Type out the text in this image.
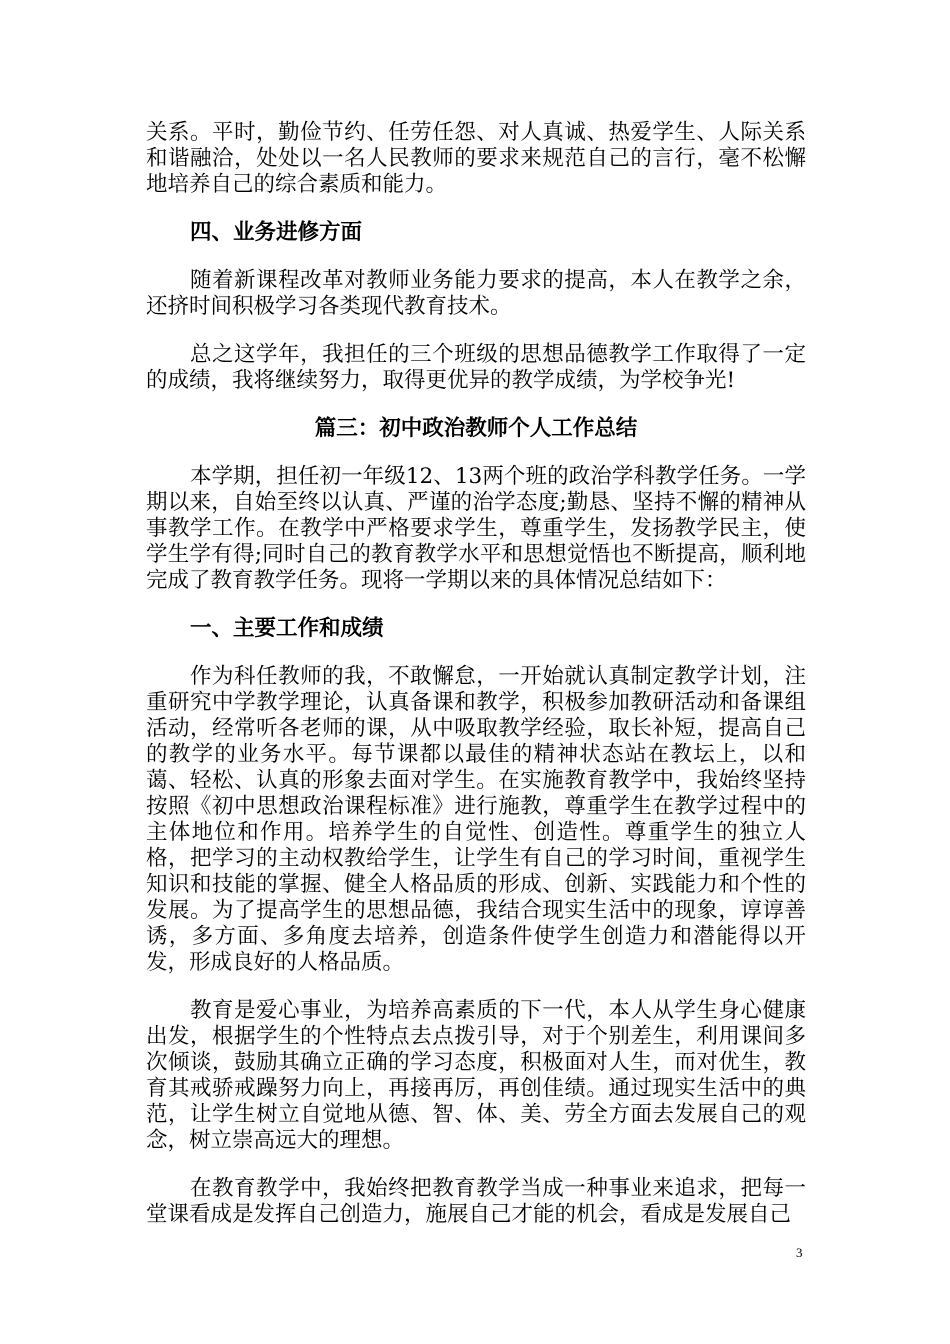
关系。平时，勤俭节约、任劳任怨、对人真诚、热爱学生、人际关系和谐融洽，处处以一名人民教师的要求来规范自己的言行，毫不松懈地培养自己的综合素质和能力。

四、业务进修方面

随着新课程改革对教师业务能力要求的提高，本人在教学之余，还挤时间积极学习各类现代教育技术。

总之这学年，我担任的三个班级的思想品德教学工作取得了一定的成绩，我将继续努力，取得更优异的教学成绩，为学校争光!

篇三：初中政治教师个人工作总结

本学期，担任初一年级12、13两个班的政治学科教学任务。一学期以来，自始至终以认真、严谨的治学态度;勤恳、坚持不懈的精神从事教学工作。在教学中严格要求学生，尊重学生，发扬教学民主，使学生学有得;同时自己的教育教学水平和思想觉悟也不断提高，顺利地完成了教育教学任务。现将一学期以来的具体情况总结如下：

一、主要工作和成绩

作为科任教师的我，不敢懈怠，一开始就认真制定教学计划，注重研究中学教学理论，认真备课和教学，积极参加教研活动和备课组活动，经常听各老师的课，从中吸取教学经验，取长补短，提高自己的教学的业务水平。每节课都以最佳的精神状态站在教坛上，以和蔼、轻松、认真的形象去面对学生。在实施教育教学中，我始终坚持按照《初中思想政治课程标准》进行施教，尊重学生在教学过程中的主体地位和作用。培养学生的自觉性、创造性。尊重学生的独立人格，把学习的主动权教给学生，让学生有自己的学习时间，重视学生知识和技能的掌握、健全人格品质的形成、创新、实践能力和个性的发展。为了提高学生的思想品德，我结合现实生活中的现象，谆谆善诱，多方面、多角度去培养，创造条件使学生创造力和潜能得以开发，形成良好的人格品质。

教育是爱心事业，为培养高素质的下一代，本人从学生身心健康出发，根据学生的个性特点去点拨引导，对于个别差生，利用课间多次倾谈，鼓励其确立正确的学习态度，积极面对人生，而对优生，教育其戒骄戒躁努力向上，再接再厉，再创佳绩。通过现实生活中的典范，让学生树立自觉地从德、智、体、美、劳全方面去发展自己的观念，树立崇高远大的理想。

在教育教学中，我始终把教育教学当成一种事业来追求，把每一堂课看成是发挥自己创造力，施展自己才能的机会，看成是发展自己

3
